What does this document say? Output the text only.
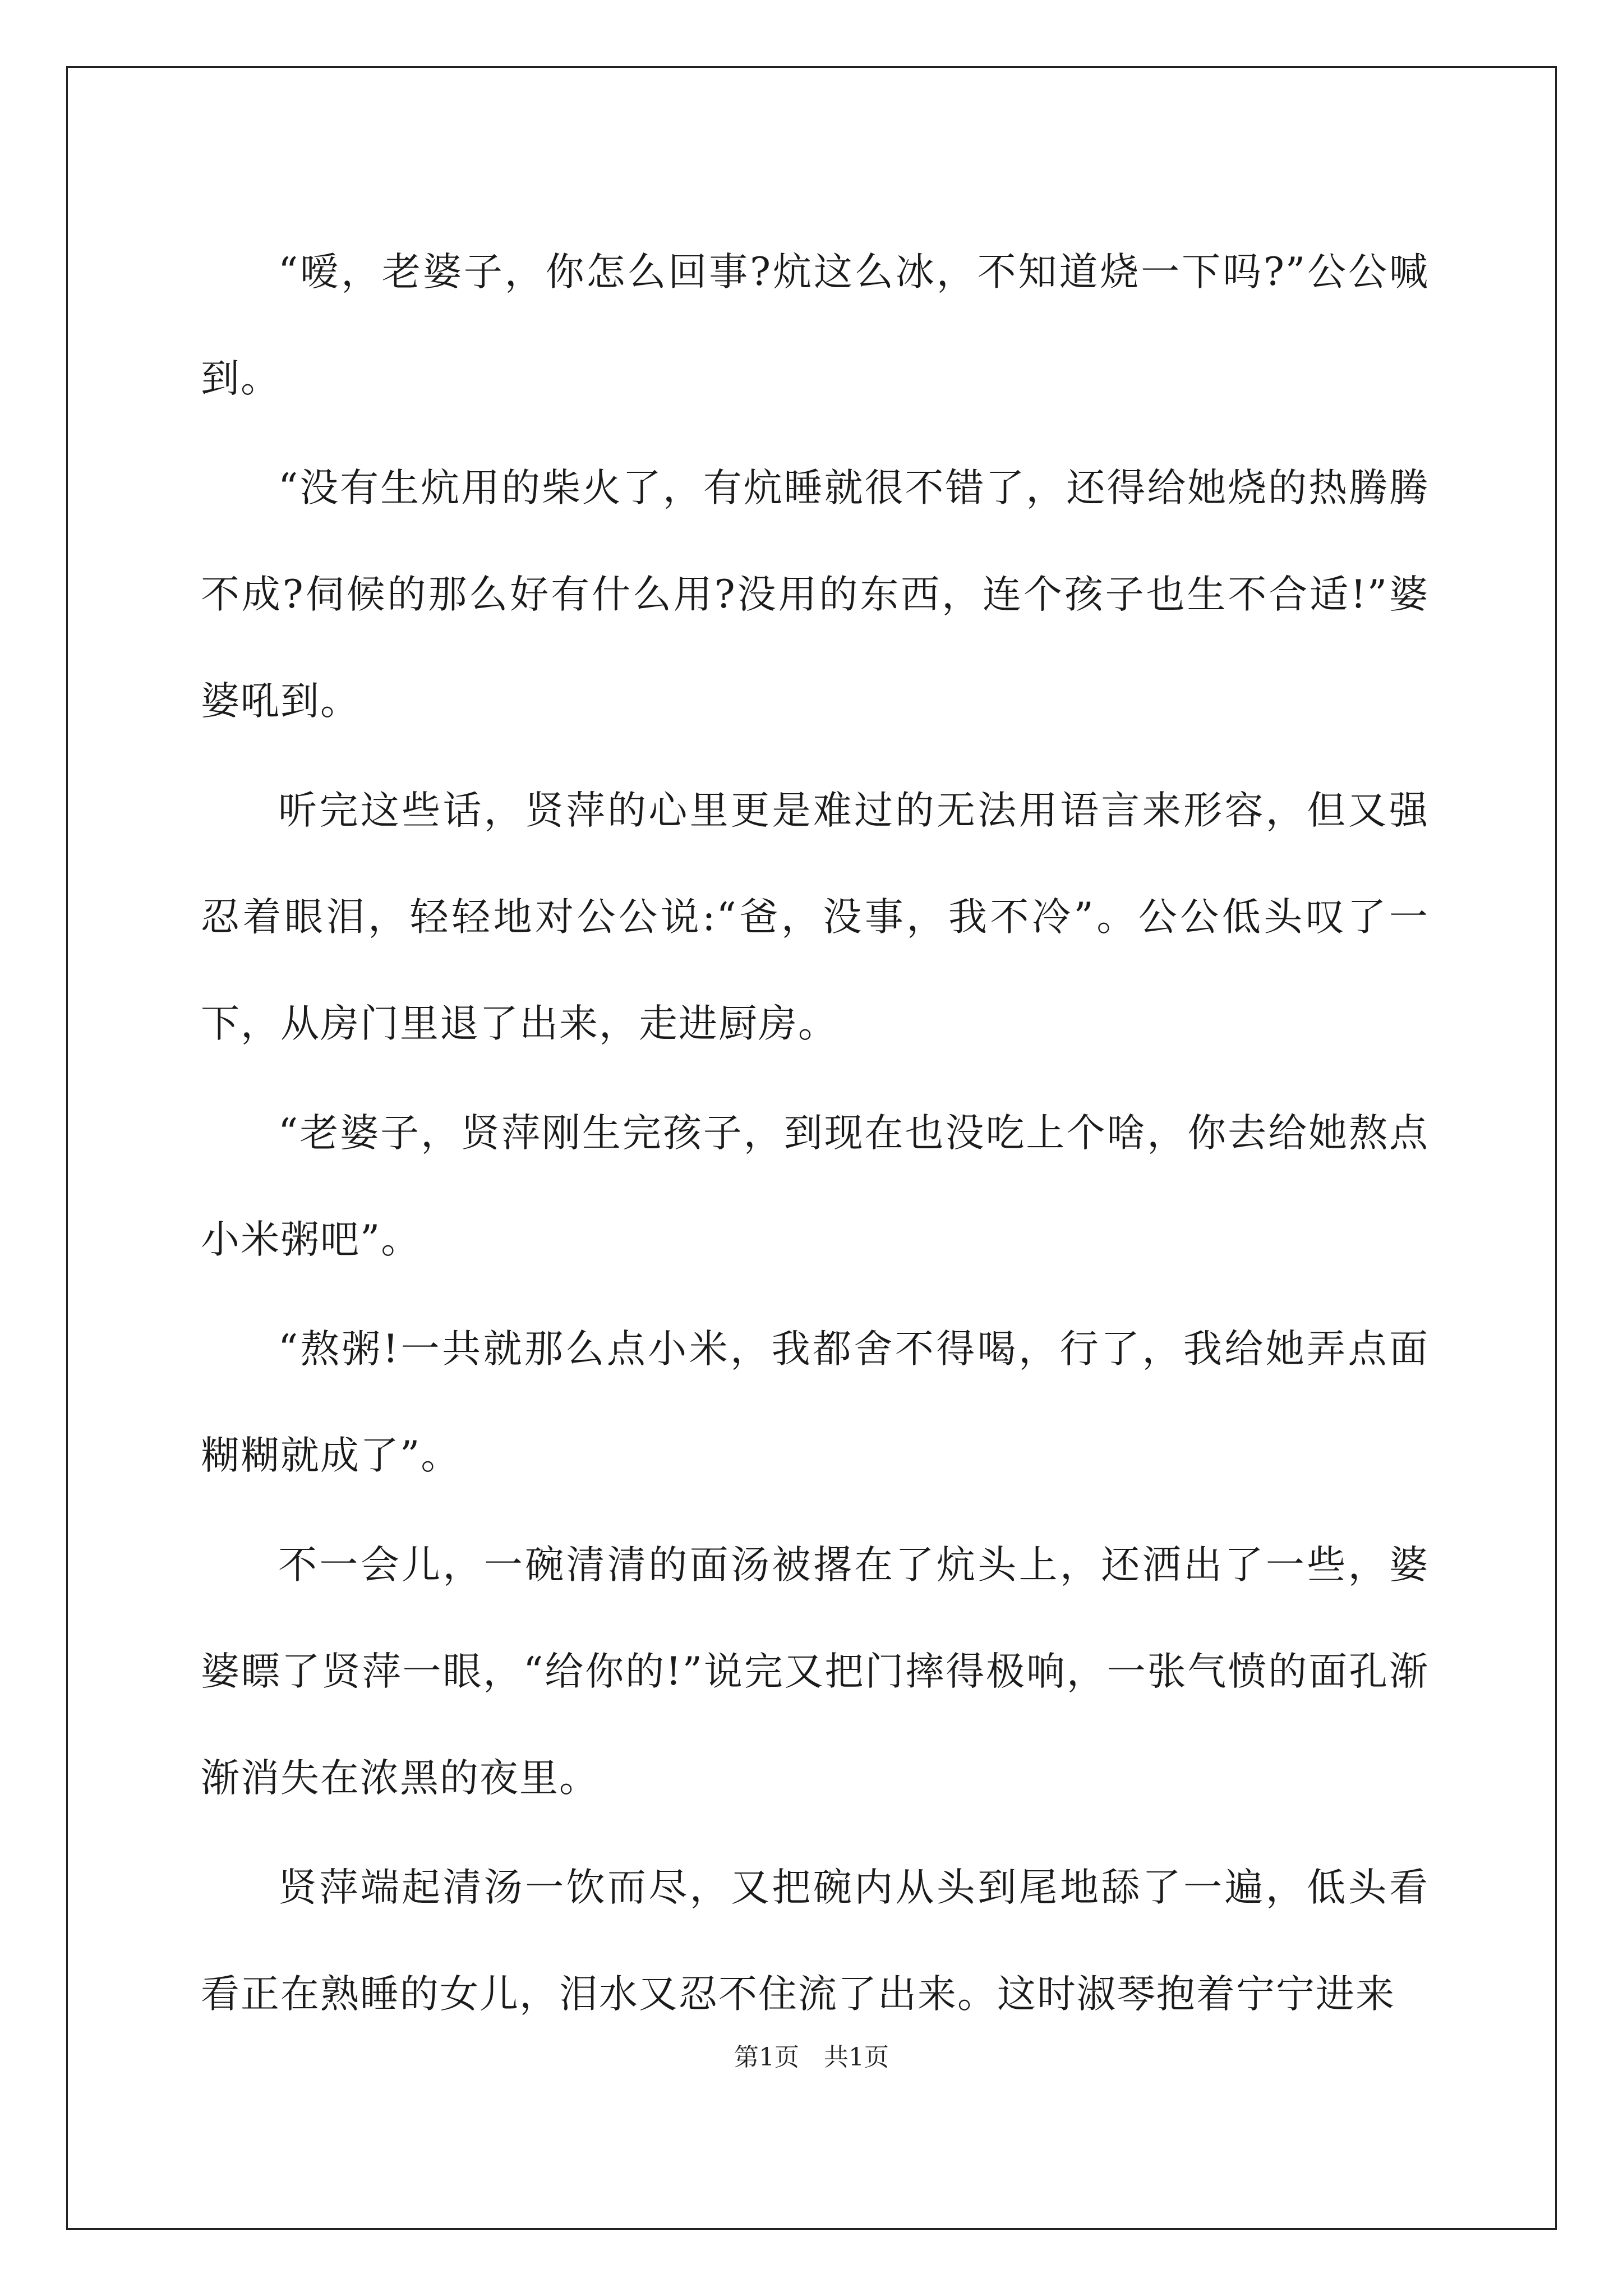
“嗳，老婆子，你怎么回事?炕这么冰，不知道烧一下吗?”公公喊到。

“没有生炕用的柴火了，有炕睡就很不错了，还得给她烧的热腾腾不成?伺候的那么好有什么用?没用的东西，连个孩子也生不合适!”婆婆吼到。

听完这些话，贤萍的心里更是难过的无法用语言来形容，但又强忍着眼泪，轻轻地对公公说:“爸，没事，我不冷”。公公低头叹了一下，从房门里退了出来，走进厨房。

“老婆子，贤萍刚生完孩子，到现在也没吃上个啥，你去给她熬点小米粥吧”。

“熬粥!一共就那么点小米，我都舍不得喝，行了，我给她弄点面糊糊就成了”。

不一会儿，一碗清清的面汤被撂在了炕头上，还洒出了一些，婆婆瞟了贤萍一眼，“给你的!”说完又把门摔得极响，一张气愤的面孔渐渐消失在浓黑的夜里。

贤萍端起清汤一饮而尽，又把碗内从头到尾地舔了一遍，低头看看正在熟睡的女儿，泪水又忍不住流了出来。这时淑琴抱着宁宁进来

第1页　共1页
